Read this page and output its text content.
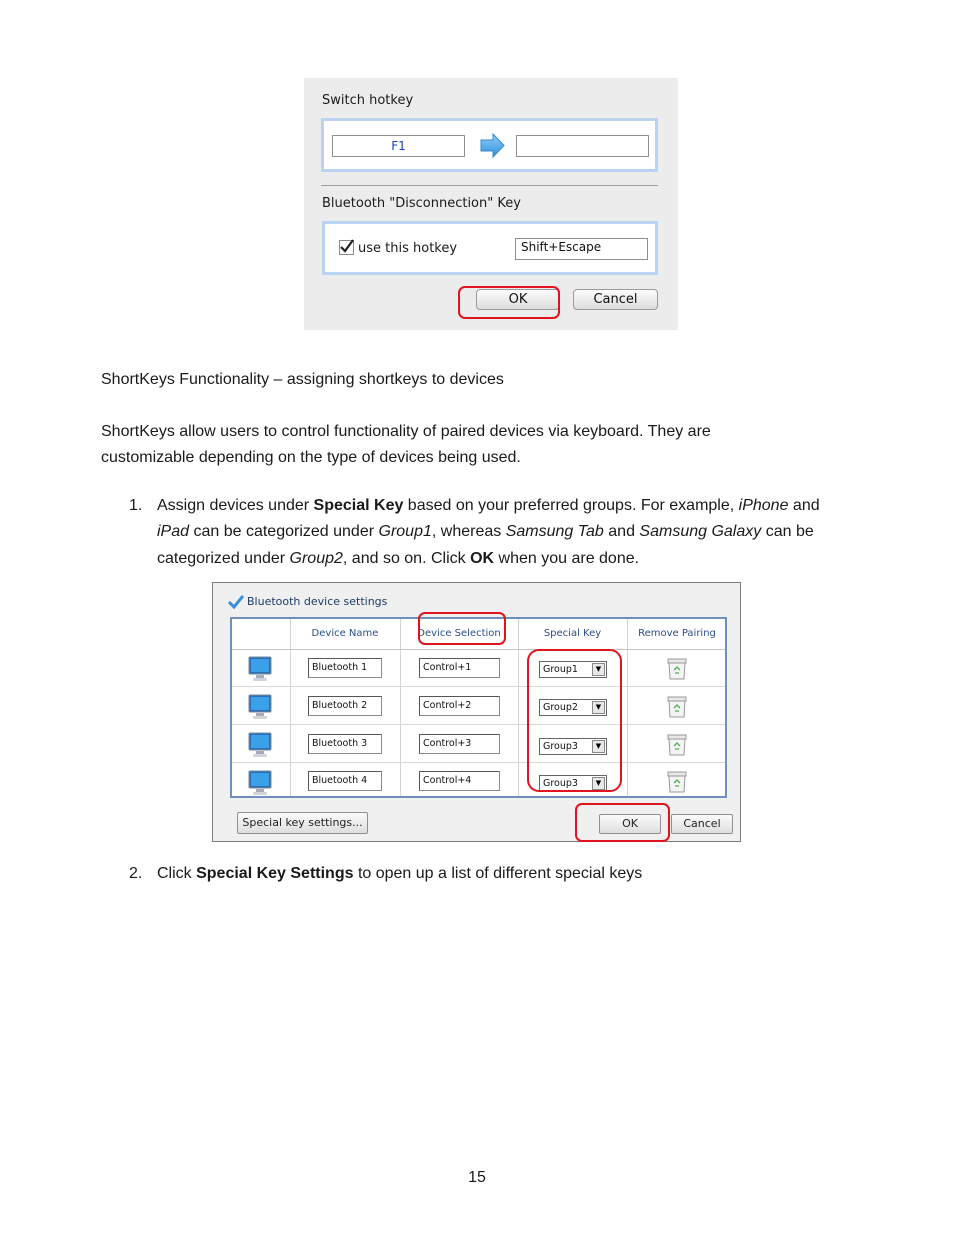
Switch hotkey
F1
Bluetooth "Disconnection" Key
use this hotkey	Shift+Escape
OK	Cancel
ShortKeys Functionality – assigning shortkeys to devices
ShortKeys allow users to control functionality of paired devices via keyboard. They are
customizable depending on the type of devices being used.
1. Assign devices under Special Key based on your preferred groups. For example, iPhone and
iPad can be categorized under Group1, whereas Samsung Tab and Samsung Galaxy can be
categorized under Group2, and so on. Click OK when you are done.
Bluetooth device settings
Device Name	Device Selection	Special Key	Remove Pairing
Bluetooth 1	Control+1	Group1	▼
Bluetooth 2	Control+2	Group2	▼
Bluetooth 3	Control+3	Group3	▼
Bluetooth 4	Control+4	Group3	▼
Special key settings...	OK	Cancel
2. Click Special Key Settings to open up a list of different special keys
15
